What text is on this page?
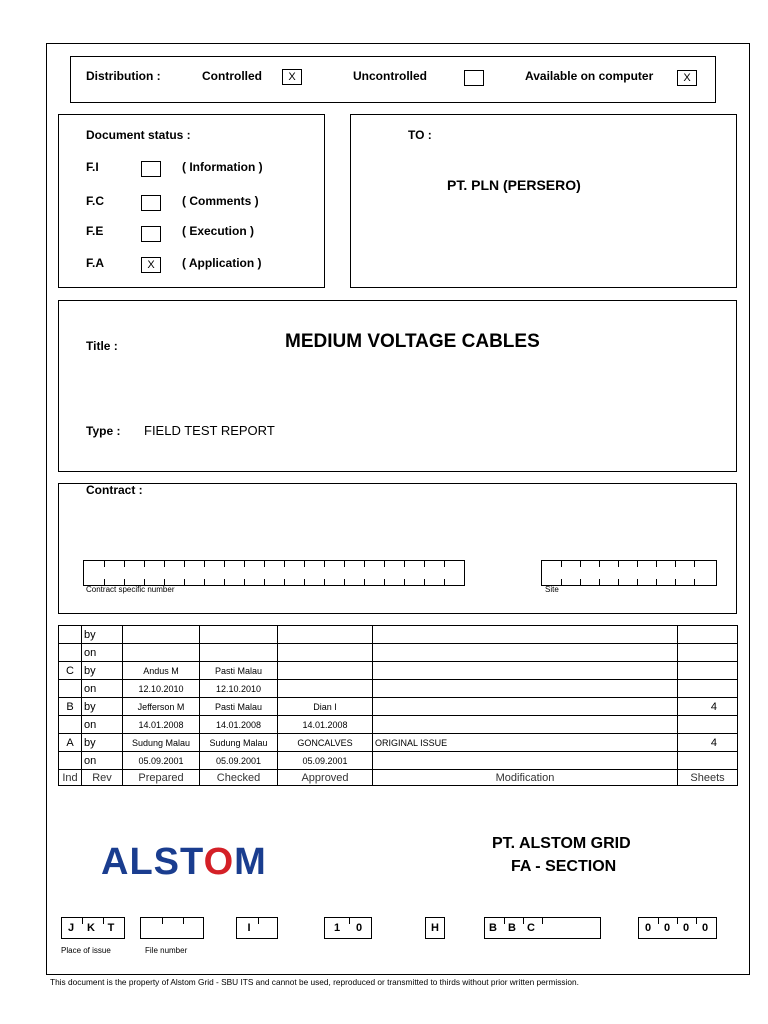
Distribution :	Controlled	X	Uncontrolled	Available on computer	X
Document status :
F.I	( Information )
F.C	( Comments )
F.E	( Execution )
F.A	X	( Application )
TO :
PT. PLN (PERSERO)
Title :	MEDIUM VOLTAGE CABLES
Type : FIELD TEST REPORT
Contract :
Contract specific number	Site
	by					
	on					
C	by	Andus M	Pasti Malau			
	on	12.10.2010	12.10.2010			
B	by	Jefferson M	Pasti Malau	Dian I		4
	on	14.01.2008	14.01.2008	14.01.2008		
A	by	Sudung Malau	Sudung Malau	GONCALVES	ORIGINAL ISSUE	4
	on	05.09.2001	05.09.2001	05.09.2001		
Ind	Rev	Prepared	Checked	Approved	Modification	Sheets
ALSTOM	PT. ALSTOM GRID
FA - SECTION
J K T
Place of issue	File number
I	1 0	H	B B C	0 0 0 0
This document is the property of Alstom Grid - SBU ITS and cannot be used, reproduced or transmitted to thirds without prior written permission.
